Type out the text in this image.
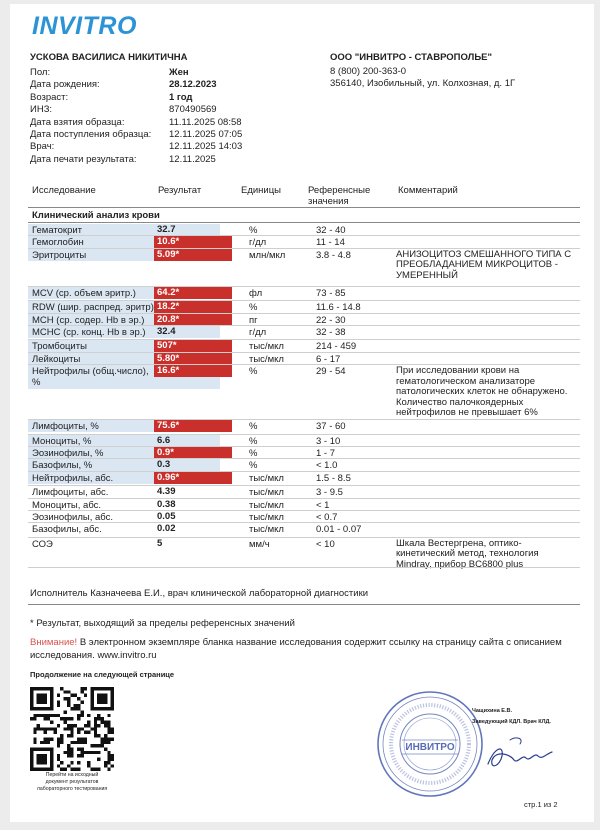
INVITRO
УСКОВА ВАСИЛИСА НИКИТИЧНА	ООО "ИНВИТРО - СТАВРОПОЛЬЕ"
8 (800) 200-363-0
356140, Изобильный, ул. Колхозная, д. 1Г
Пол:	Жен
Дата рождения:	28.12.2023
Возраст:	1 год
ИНЗ:	870490569
Дата взятия образца:	11.11.2025 08:58
Дата поступления образца:	12.11.2025 07:05
Врач:	12.11.2025 14:03
Дата печати результата:	12.11.2025
Исследование	Результат	Единицы	Референсные
значения
Комментарий
Клинический анализ крови
Гематокрит	32.7	%	32 - 40
Гемоглобин	10.6*	г/дл	11 - 14
Эритроциты	5.09*	млн/мкл	3.8 - 4.8	АНИЗОЦИТОЗ СМЕШАННОГО ТИПА С
ПРЕОБЛАДАНИЕМ МИКРОЦИТОВ -
УМЕРЕННЫЙ
MCV (ср. объем эритр.)	64.2*	фл	73 - 85
RDW (шир. распред. эритр) 18.2*	%	11.6 - 14.8
MCH (ср. содер. Hb в эр.)	20.8*	пг	22 - 30
MCHC (ср. конц. Hb в эр.)	32.4	г/дл	32 - 38
Тромбоциты	507*	тыс/мкл	214 - 459
Лейкоциты	5.80*	тыс/мкл	6 - 17
Нейтрофилы (общ.число),
%
16.6*	%	29 - 54	При исследовании крови на
гематологическом анализаторе
патологических клеток не обнаружено.
Количество палочкоядерных
нейтрофилов не превышает 6%
Лимфоциты, %	75.6*	%	37 - 60
Моноциты, %	6.6	%	3 - 10
Эозинофилы, %	0.9*	%	1 - 7
Базофилы, %	0.3	%	< 1.0
Нейтрофилы, абс.	0.96*	тыс/мкл	1.5 - 8.5
Лимфоциты, абс.	4.39	тыс/мкл	3 - 9.5
Моноциты, абс.	0.38	тыс/мкл	< 1
Эозинофилы, абс.	0.05	тыс/мкл	< 0.7
Базофилы, абс.	0.02	тыс/мкл	0.01 - 0.07
СОЭ	5	мм/ч	< 10	Шкала Вестергрена, оптико-
кинетический метод, технология
Mindray, прибор BC6800 plus
Исполнитель Казначеева Е.И., врач клинической лабораторной диагностики
* Результат, выходящий за пределы референсных значений
Внимание! В электронном экземпляре бланка название исследования содержит ссылку на страницу сайта с описанием исследования. www.invitro.ru
Продолжение на следующей странице
Перейти на исходный
документ результатов
лабораторного тестирования
ИНВИТРО
Чащихина Е.В.
Заведующий КДЛ. Врач КЛД.
стр.1 из 2
